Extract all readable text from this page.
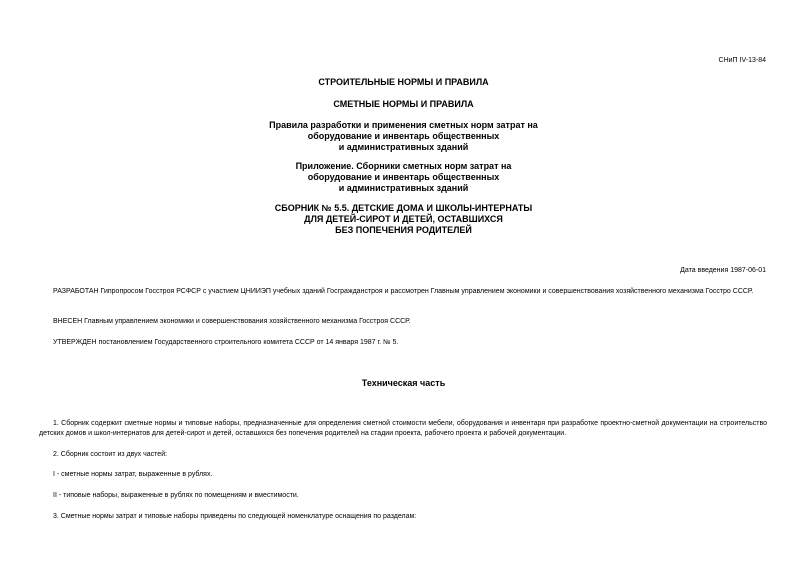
СНиП IV-13-84
СТРОИТЕЛЬНЫЕ НОРМЫ И ПРАВИЛА
СМЕТНЫЕ НОРМЫ И ПРАВИЛА
Правила разработки и применения сметных норм затрат на
оборудование и инвентарь общественных
и административных зданий
Приложение. Сборники сметных норм затрат на
оборудование и инвентарь общественных
и административных зданий
СБОРНИК № 5.5. ДЕТСКИЕ ДОМА И ШКОЛЫ-ИНТЕРНАТЫ
ДЛЯ ДЕТЕЙ-СИРОТ И ДЕТЕЙ, ОСТАВШИХСЯ
БЕЗ ПОПЕЧЕНИЯ РОДИТЕЛЕЙ
Дата введения 1987-06-01

РАЗРАБОТАН Гипропросом Госстроя РСФСР с участием ЦНИИЭП учебных зданий Госгражданстроя и рассмотрен Главным управлением экономики и совершенствования хозяйственного механизма Госстро СССР.

ВНЕСЕН Главным управлением экономики и совершенствования хозяйственного механизма Госстроя СССР.

УТВЕРЖДЕН постановлением Государственного строительного комитета СССР от 14 января 1987 г. № 5.

Техническая часть

1. Сборник содержит сметные нормы и типовые наборы, предназначенные для определения сметной стоимости мебели, оборудования и инвентаря при разработке проектно-сметной документации на строительство детских домов и школ-интернатов для детей-сирот и детей, оставшихся без попечения родителей на стадии проекта, рабочего проекта и рабочей документации.

2. Сборник состоит из двух частей:

I - сметные нормы затрат, выраженные в рублях.

II - типовые наборы, выраженные в рублях по помещениям и вместимости.

3. Сметные нормы затрат и типовые наборы приведены по следующей номенклатуре оснащения по разделам:
